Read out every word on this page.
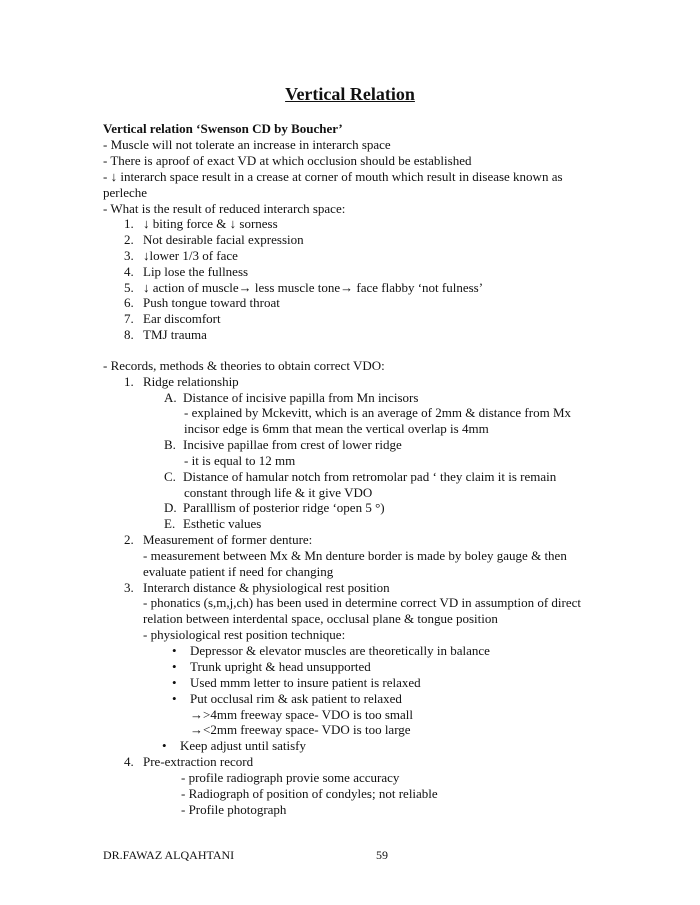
Vertical Relation
Vertical relation ‘Swenson CD by Boucher’
- Muscle will not tolerate an increase in interarch space
- There is aproof of exact VD at which occlusion should be established
- ↓ interarch space result in a crease at corner of mouth which result in disease known as
perleche
- What is the result of reduced interarch space:
1. ↓ biting force & ↓ sorness
2. Not desirable facial expression
3. ↓lower 1/3 of face
4. Lip lose the fullness
5. ↓ action of muscle→ less muscle tone→ face flabby ‘not fulness’
6. Push tongue toward throat
7. Ear discomfort
8. TMJ trauma
- Records, methods & theories to obtain correct VDO:
1. Ridge relationship
A. Distance of incisive papilla from Mn incisors
- explained by Mckevitt, which is an average of 2mm & distance from Mx
incisor edge is 6mm that mean the vertical overlap is 4mm
B. Incisive papillae from crest of lower ridge
- it is equal to 12 mm
C. Distance of hamular notch from retromolar pad ‘ they claim it is remain
constant through life & it give VDO
D. Paralllism of posterior ridge ‘open 5 °)
E. Esthetic values
2. Measurement of former denture:
- measurement between Mx & Mn denture border is made by boley gauge & then
evaluate patient if need for changing
3. Interarch distance & physiological rest position
- phonatics (s,m,j,ch) has been used in determine correct VD in assumption of direct
relation between interdental space, occlusal plane & tongue position
- physiological rest position technique:
• Depressor & elevator muscles are theoretically in balance
• Trunk upright & head unsupported
• Used mmm letter to insure patient is relaxed
• Put occlusal rim & ask patient to relaxed
→>4mm freeway space- VDO is too small
→<2mm freeway space- VDO is too large
• Keep adjust until satisfy
4. Pre-extraction record
- profile radiograph provie some accuracy
- Radiograph of position of condyles; not reliable
- Profile photograph
DR.FAWAZ ALQAHTANI	59
